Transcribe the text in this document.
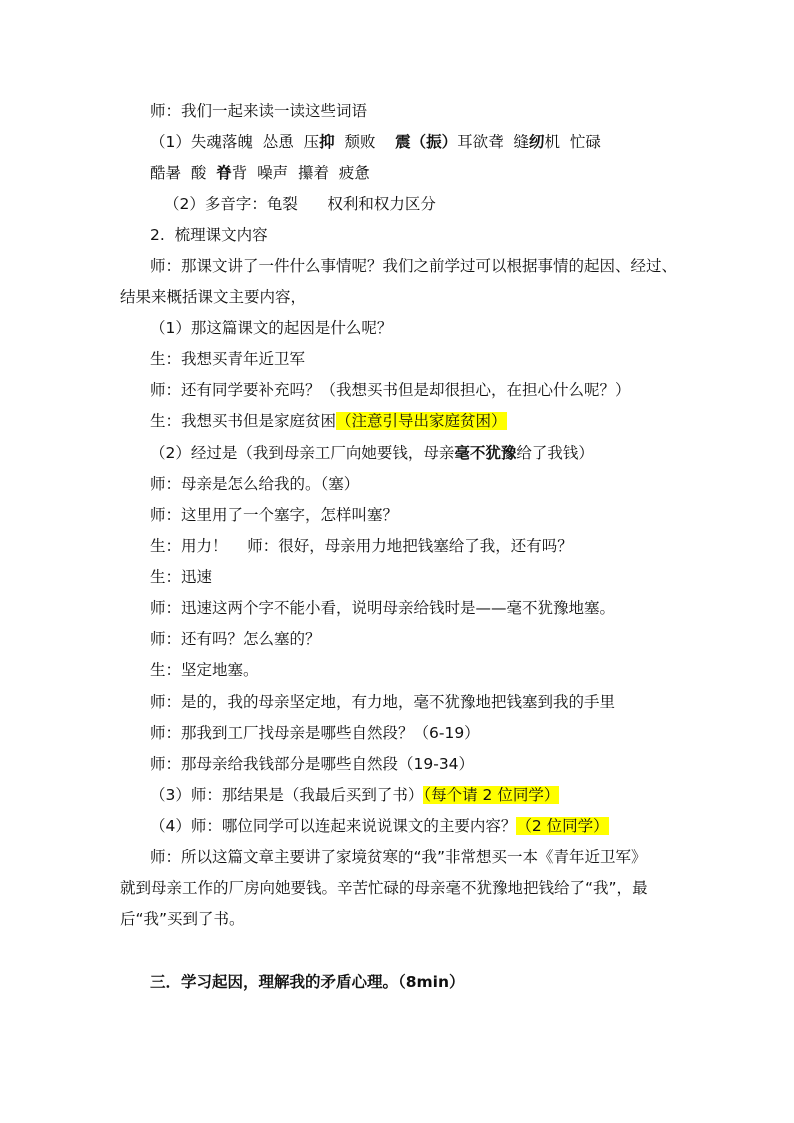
师：我们一起来读一读这些词语
（1）失魂落魄  怂恿  压抑  颓败    震（振）耳欲聋  缝纫机  忙碌
酷暑  酸  脊背  噪声  攥着  疲惫
（2）多音字：龟裂      权利和权力区分
2.  梳理课文内容
师：那课文讲了一件什么事情呢？我们之前学过可以根据事情的起因、经过、
结果来概括课文主要内容，
（1）那这篇课文的起因是什么呢？
生：我想买青年近卫军
师：还有同学要补充吗？（我想买书但是却很担心，在担心什么呢？）
生：我想买书但是家庭贫困（注意引导出家庭贫困）
（2）经过是（我到母亲工厂向她要钱，母亲毫不犹豫给了我钱）
师：母亲是怎么给我的。（塞）
师：这里用了一个塞字，怎样叫塞？
生：用力！    师：很好，母亲用力地把钱塞给了我，还有吗？
生：迅速
师：迅速这两个字不能小看，说明母亲给钱时是——毫不犹豫地塞。
师：还有吗？怎么塞的？
生：坚定地塞。
师：是的，我的母亲坚定地，有力地，毫不犹豫地把钱塞到我的手里
师：那我到工厂找母亲是哪些自然段？（6-19）
师：那母亲给我钱部分是哪些自然段（19-34）
（3）师：那结果是（我最后买到了书）（每个请 2 位同学）
（4）师：哪位同学可以连起来说说课文的主要内容？（2 位同学）
师：所以这篇文章主要讲了家境贫寒的“我”非常想买一本《青年近卫军》
就到母亲工作的厂房向她要钱。辛苦忙碌的母亲毫不犹豫地把钱给了“我”，最
后“我”买到了书。
三．学习起因，理解我的矛盾心理。（8min）
